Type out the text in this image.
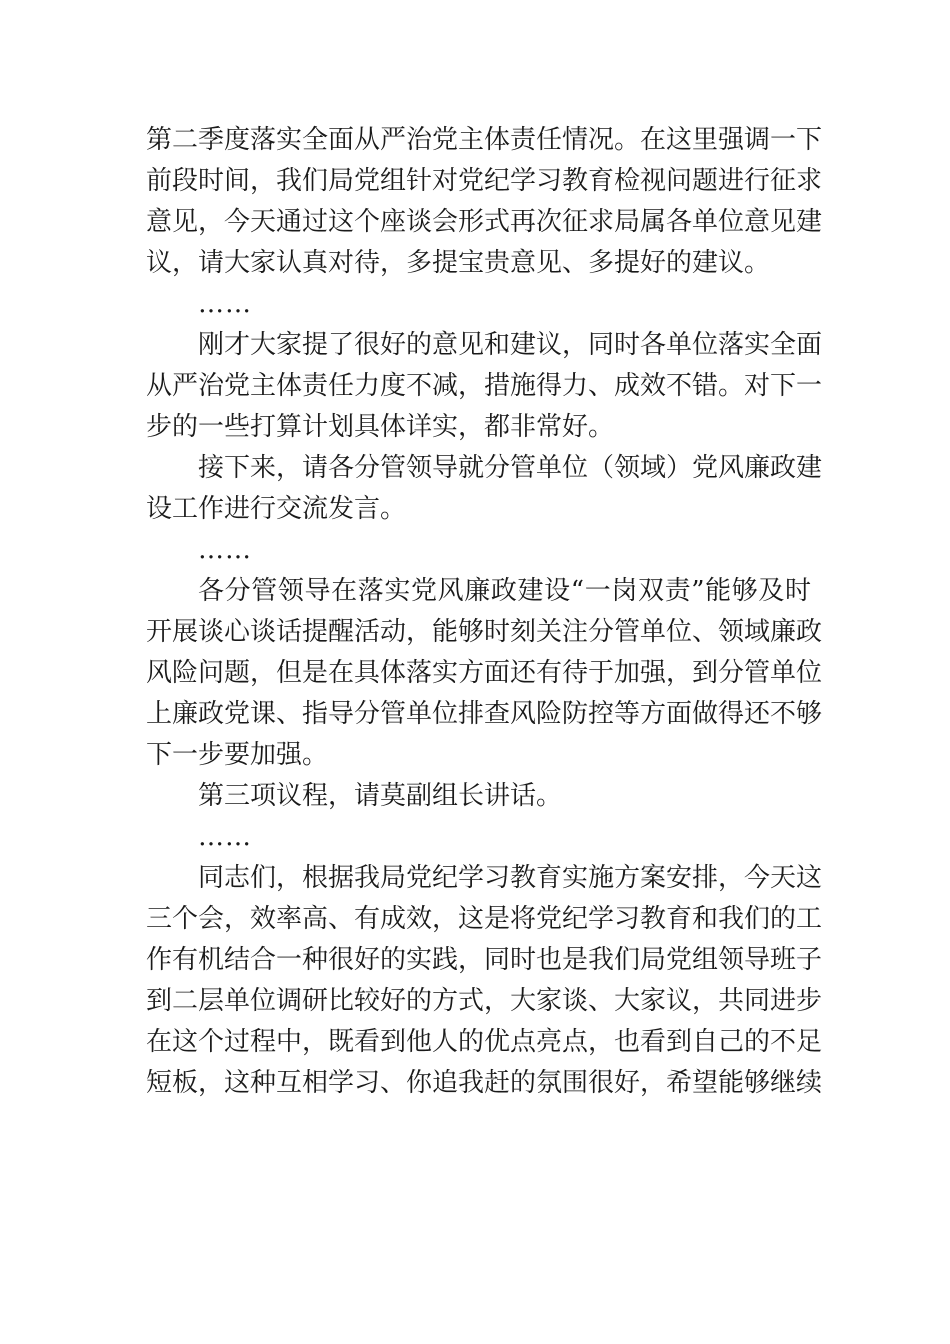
第二季度落实全面从严治党主体责任情况。在这里强调一下
前段时间，我们局党组针对党纪学习教育检视问题进行征求
意见，今天通过这个座谈会形式再次征求局属各单位意见建
议，请大家认真对待，多提宝贵意见、多提好的建议。

……

刚才大家提了很好的意见和建议，同时各单位落实全面
从严治党主体责任力度不减，措施得力、成效不错。对下一
步的一些打算计划具体详实，都非常好。

接下来，请各分管领导就分管单位（领域）党风廉政建
设工作进行交流发言。

……

各分管领导在落实党风廉政建设“一岗双责”能够及时
开展谈心谈话提醒活动，能够时刻关注分管单位、领域廉政
风险问题，但是在具体落实方面还有待于加强，到分管单位
上廉政党课、指导分管单位排查风险防控等方面做得还不够
下一步要加强。

第三项议程，请莫副组长讲话。

……

同志们，根据我局党纪学习教育实施方案安排，今天这
三个会，效率高、有成效，这是将党纪学习教育和我们的工
作有机结合一种很好的实践，同时也是我们局党组领导班子
到二层单位调研比较好的方式，大家谈、大家议，共同进步
在这个过程中，既看到他人的优点亮点，也看到自己的不足
短板，这种互相学习、你追我赶的氛围很好，希望能够继续
